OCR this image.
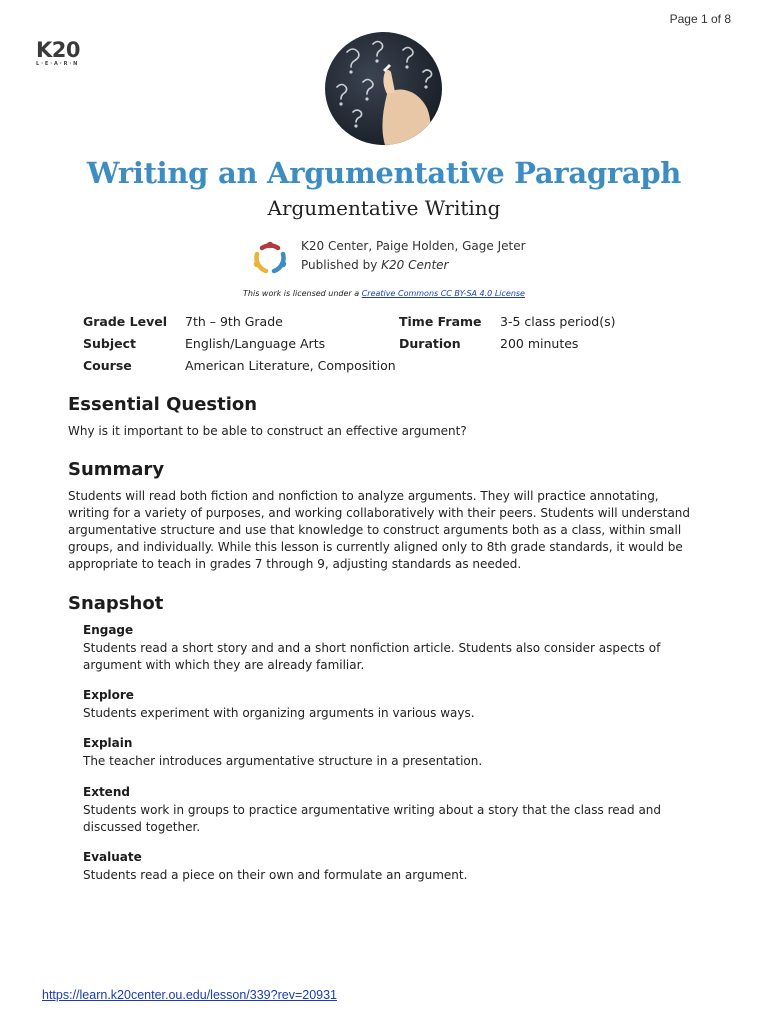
Page 1 of 8
K20
L·E·A·R·N
Writing an Argumentative Paragraph
Argumentative Writing
K20 Center, Paige Holden, Gage Jeter
Published by K20 Center
This work is licensed under a Creative Commons CC BY-SA 4.0 License
Grade Level 7th – 9th Grade	Time Frame 3-5 class period(s)
Subject	English/Language Arts	Duration	200 minutes
Course	American Literature, Composition
Essential Question
Why is it important to be able to construct an effective argument?
Summary
Students will read both fiction and nonfiction to analyze arguments. They will practice annotating, writing for a variety of purposes, and working collaboratively with their peers. Students will understand argumentative structure and use that knowledge to construct arguments both as a class, within small groups, and individually. While this lesson is currently aligned only to 8th grade standards, it would be appropriate to teach in grades 7 through 9, adjusting standards as needed.
Snapshot
Engage
Students read a short story and and a short nonfiction article. Students also consider aspects of argument with which they are already familiar.
Explore
Students experiment with organizing arguments in various ways.
Explain
The teacher introduces argumentative structure in a presentation.
Extend
Students work in groups to practice argumentative writing about a story that the class read and discussed together.
Evaluate
Students read a piece on their own and formulate an argument.
https://learn.k20center.ou.edu/lesson/339?rev=20931
